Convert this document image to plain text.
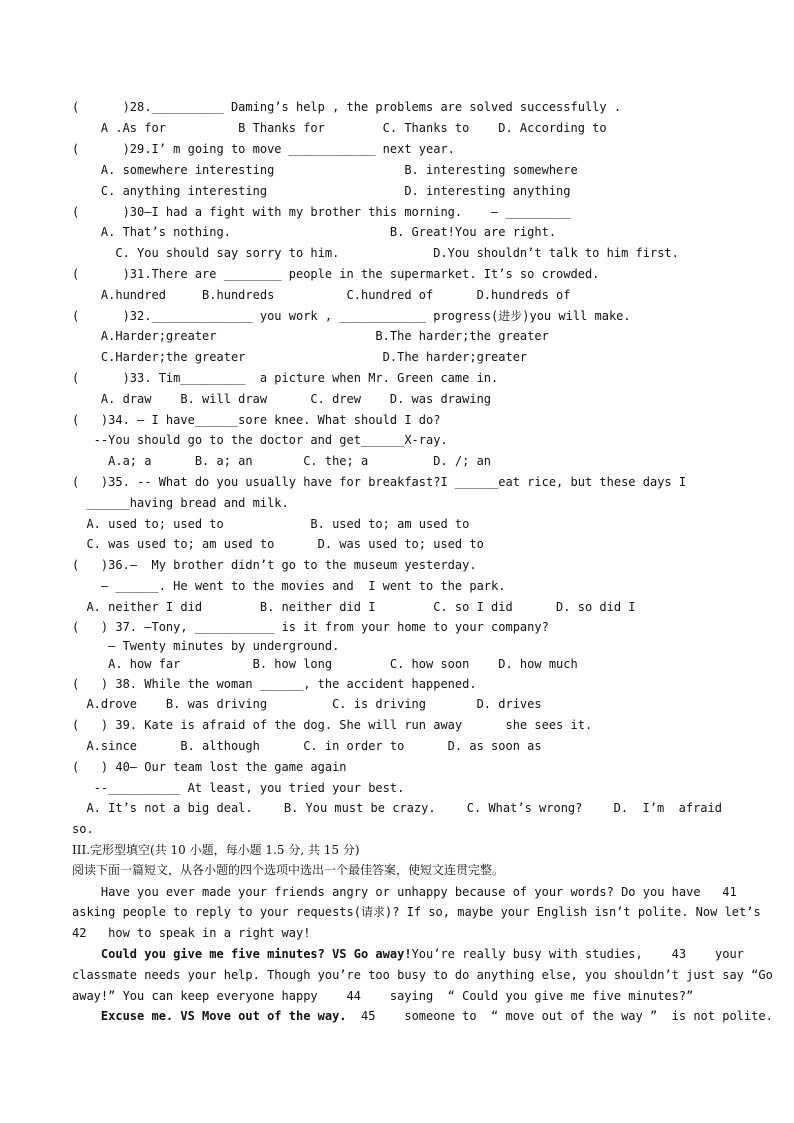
(      )28.__________ Daming’s help , the problems are solved successfully .
A .As for          B Thanks for        C. Thanks to    D. According to
(      )29.I’ m going to move ____________ next year.
A. somewhere interesting                  B. interesting somewhere
C. anything interesting                   D. interesting anything
(      )30—I had a fight with my brother this morning.    — _________
A. That’s nothing.                      B. Great!You are right.
C. You should say sorry to him.             D.You shouldn’t talk to him first.
(      )31.There are ________ people in the supermarket. It’s so crowded.
A.hundred     B.hundreds          C.hundred of      D.hundreds of
(      )32.______________ you work , ____________ progress(进步)you will make.
A.Harder;greater                      B.The harder;the greater
C.Harder;the greater                   D.The harder;greater
(      )33. Tim_________  a picture when Mr. Green came in.
A. draw    B. will draw      C. drew    D. was drawing
(   )34. — I have______sore knee. What should I do?
--You should go to the doctor and get______X-ray.
A.a; a      B. a; an       C. the; a         D. /; an
(   )35. -- What do you usually have for breakfast?I ______eat rice, but these days I
______having bread and milk.
A. used to; used to            B. used to; am used to
C. was used to; am used to      D. was used to; used to
(   )36.—  My brother didn’t go to the museum yesterday.
— ______. He went to the movies and  I went to the park.
A. neither I did        B. neither did I        C. so I did      D. so did I
(   ) 37. —Tony, ___________ is it from your home to your company?
— Twenty minutes by underground.
A. how far          B. how long        C. how soon    D. how much
(   ) 38. While the woman ______, the accident happened.
A.drove    B. was driving         C. is driving       D. drives
(   ) 39. Kate is afraid of the dog. She will run away      she sees it.
A.since      B. although      C. in order to      D. as soon as
(   ) 40— Our team lost the game again
--__________ At least, you tried your best.
A. It’s not a big deal.	B. You must be crazy.	C. What’s wrong?	D.  I’m  afraid
so.
III.完形型填空(共 10 小题，每小题 1.5 分, 共 15 分)
阅读下面一篇短文，从各小题的四个选项中选出一个最佳答案，使短文连贯完整。
Have you ever made your friends angry or unhappy because of your words? Do you have   41
asking people to reply to your requests(请求)? If so, maybe your English isn’t polite. Now let’s
42   how to speak in a right way!
Could you give me five minutes? VS Go away!You’re really busy with studies,    43    your
classmate needs your help. Though you’re too busy to do anything else, you shouldn’t just say “Go
away!” You can keep everyone happy    44    saying  “ Could you give me five minutes?”
Excuse me. VS Move out of the way.  45    someone to  “ move out of the way ”  is not polite.
